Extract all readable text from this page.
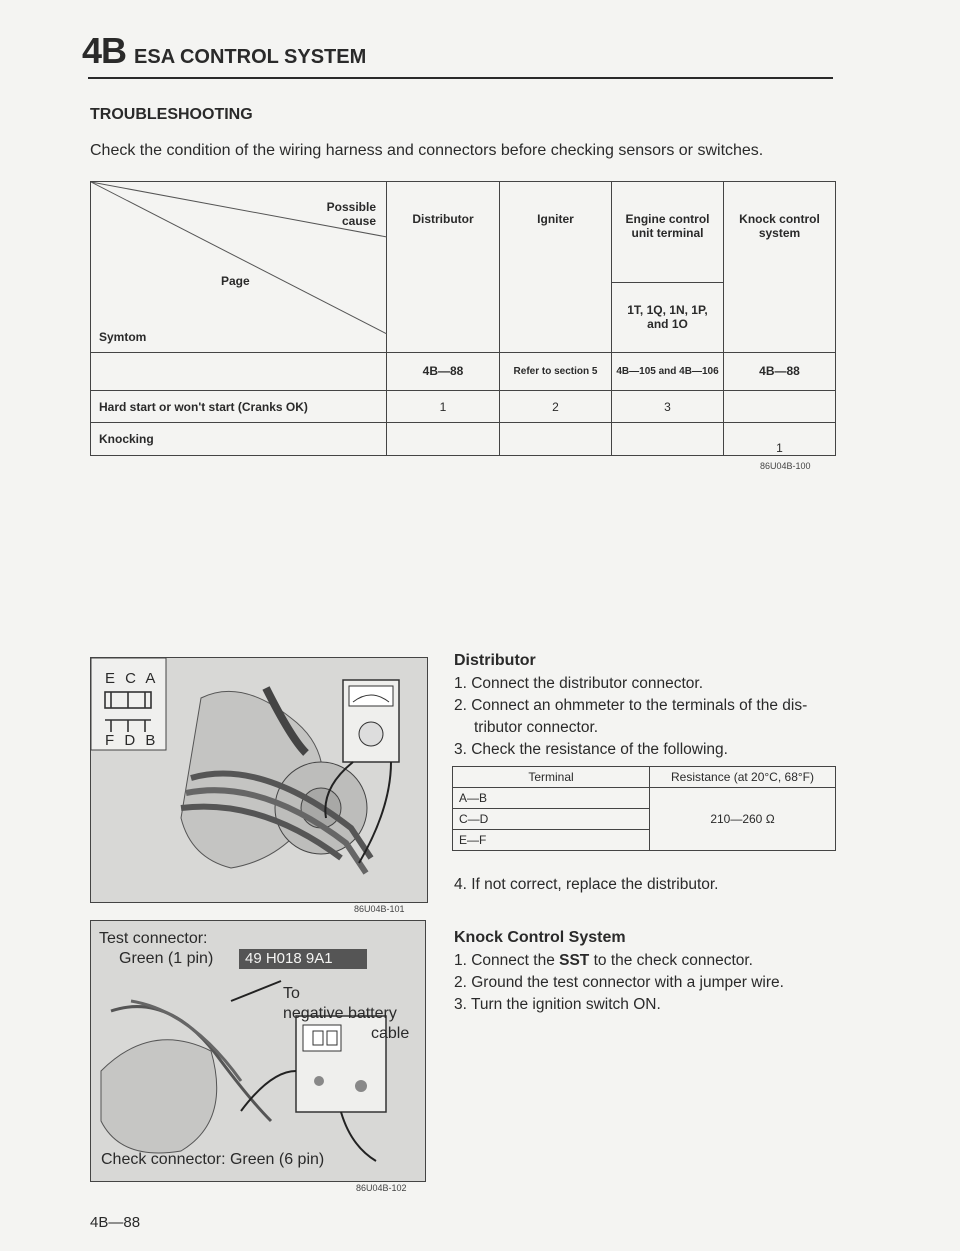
4B ESA CONTROL SYSTEM
TROUBLESHOOTING
Check the condition of the wiring harness and connectors before checking sensors or switches.
Possible cause
Page
Symtom	Distributor	Igniter	Engine control unit terminal	Knock control system
			1T, 1Q, 1N, 1P, and 1O	
	4B—88	Refer to section 5	4B—105 and 4B—106	4B—88
Hard start or won't start (Cranks OK)	1	2	3	
Knocking				1
86U04B-100
E C A
F D B
86U04B-101
Test connector:
Green (1 pin) 49 H018 9A1
To
negative battery
cable
Check connector: Green (6 pin)
86U04B-102
Distributor
1. Connect the distributor connector.
2. Connect an ohmmeter to the terminals of the dis-
tributor connector.
3. Check the resistance of the following.
Terminal	Resistance (at 20°C, 68°F)
A—B	210—260 Ω
C—D	
E—F	
4. If not correct, replace the distributor.
Knock Control System
1. Connect the SST to the check connector.
2. Ground the test connector with a jumper wire.
3. Turn the ignition switch ON.
4B—88
